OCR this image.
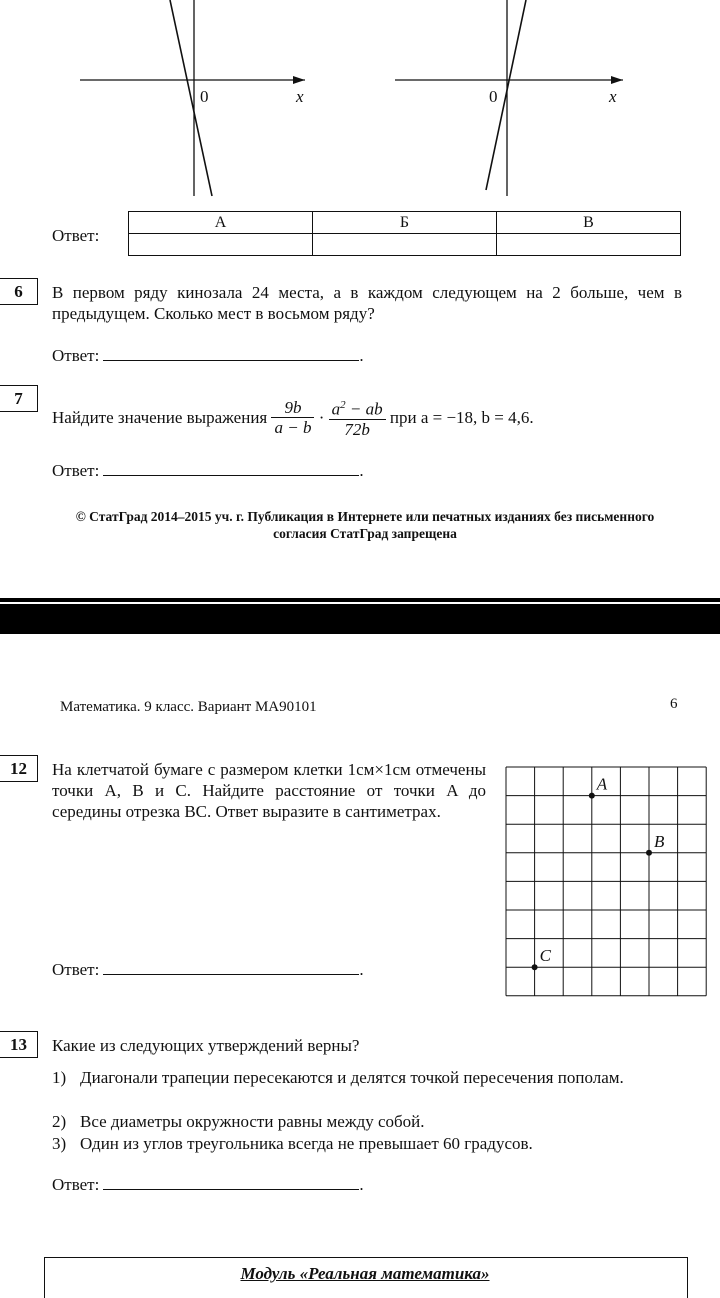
0	x	0	x
Ответ:
А	Б	В

6	В первом ряду кинозала 24 места, а в каждом следующем на 2 больше, чем в предыдущем. Сколько мест в восьмом ряду?
Ответ:	.
7
Найдите значение выражения $\frac{9b}{a - b} \cdot \frac{a^2 - ab}{72b}$ при a = −18, b = 4,6.
Ответ:	.
© СтатГрад 2014–2015 уч. г. Публикация в Интернете или печатных изданиях без письменного согласия СтатГрад запрещена
Математика. 9 класс. Вариант МА90101	6
12	На клетчатой бумаге с размером клетки 1см×1см отмечены точки A, B и C. Найдите расстояние от точки A до середины отрезка BC. Ответ выразите в сантиметрах.
Ответ:	.
A
B
C
13	Какие из следующих утверждений верны?
1) Диагонали трапеции пересекаются и делятся точкой пересечения пополам.
2) Все диаметры окружности равны между собой.
3) Один из углов треугольника всегда не превышает 60 градусов.
Ответ:	.
Модуль «Реальная математика»
